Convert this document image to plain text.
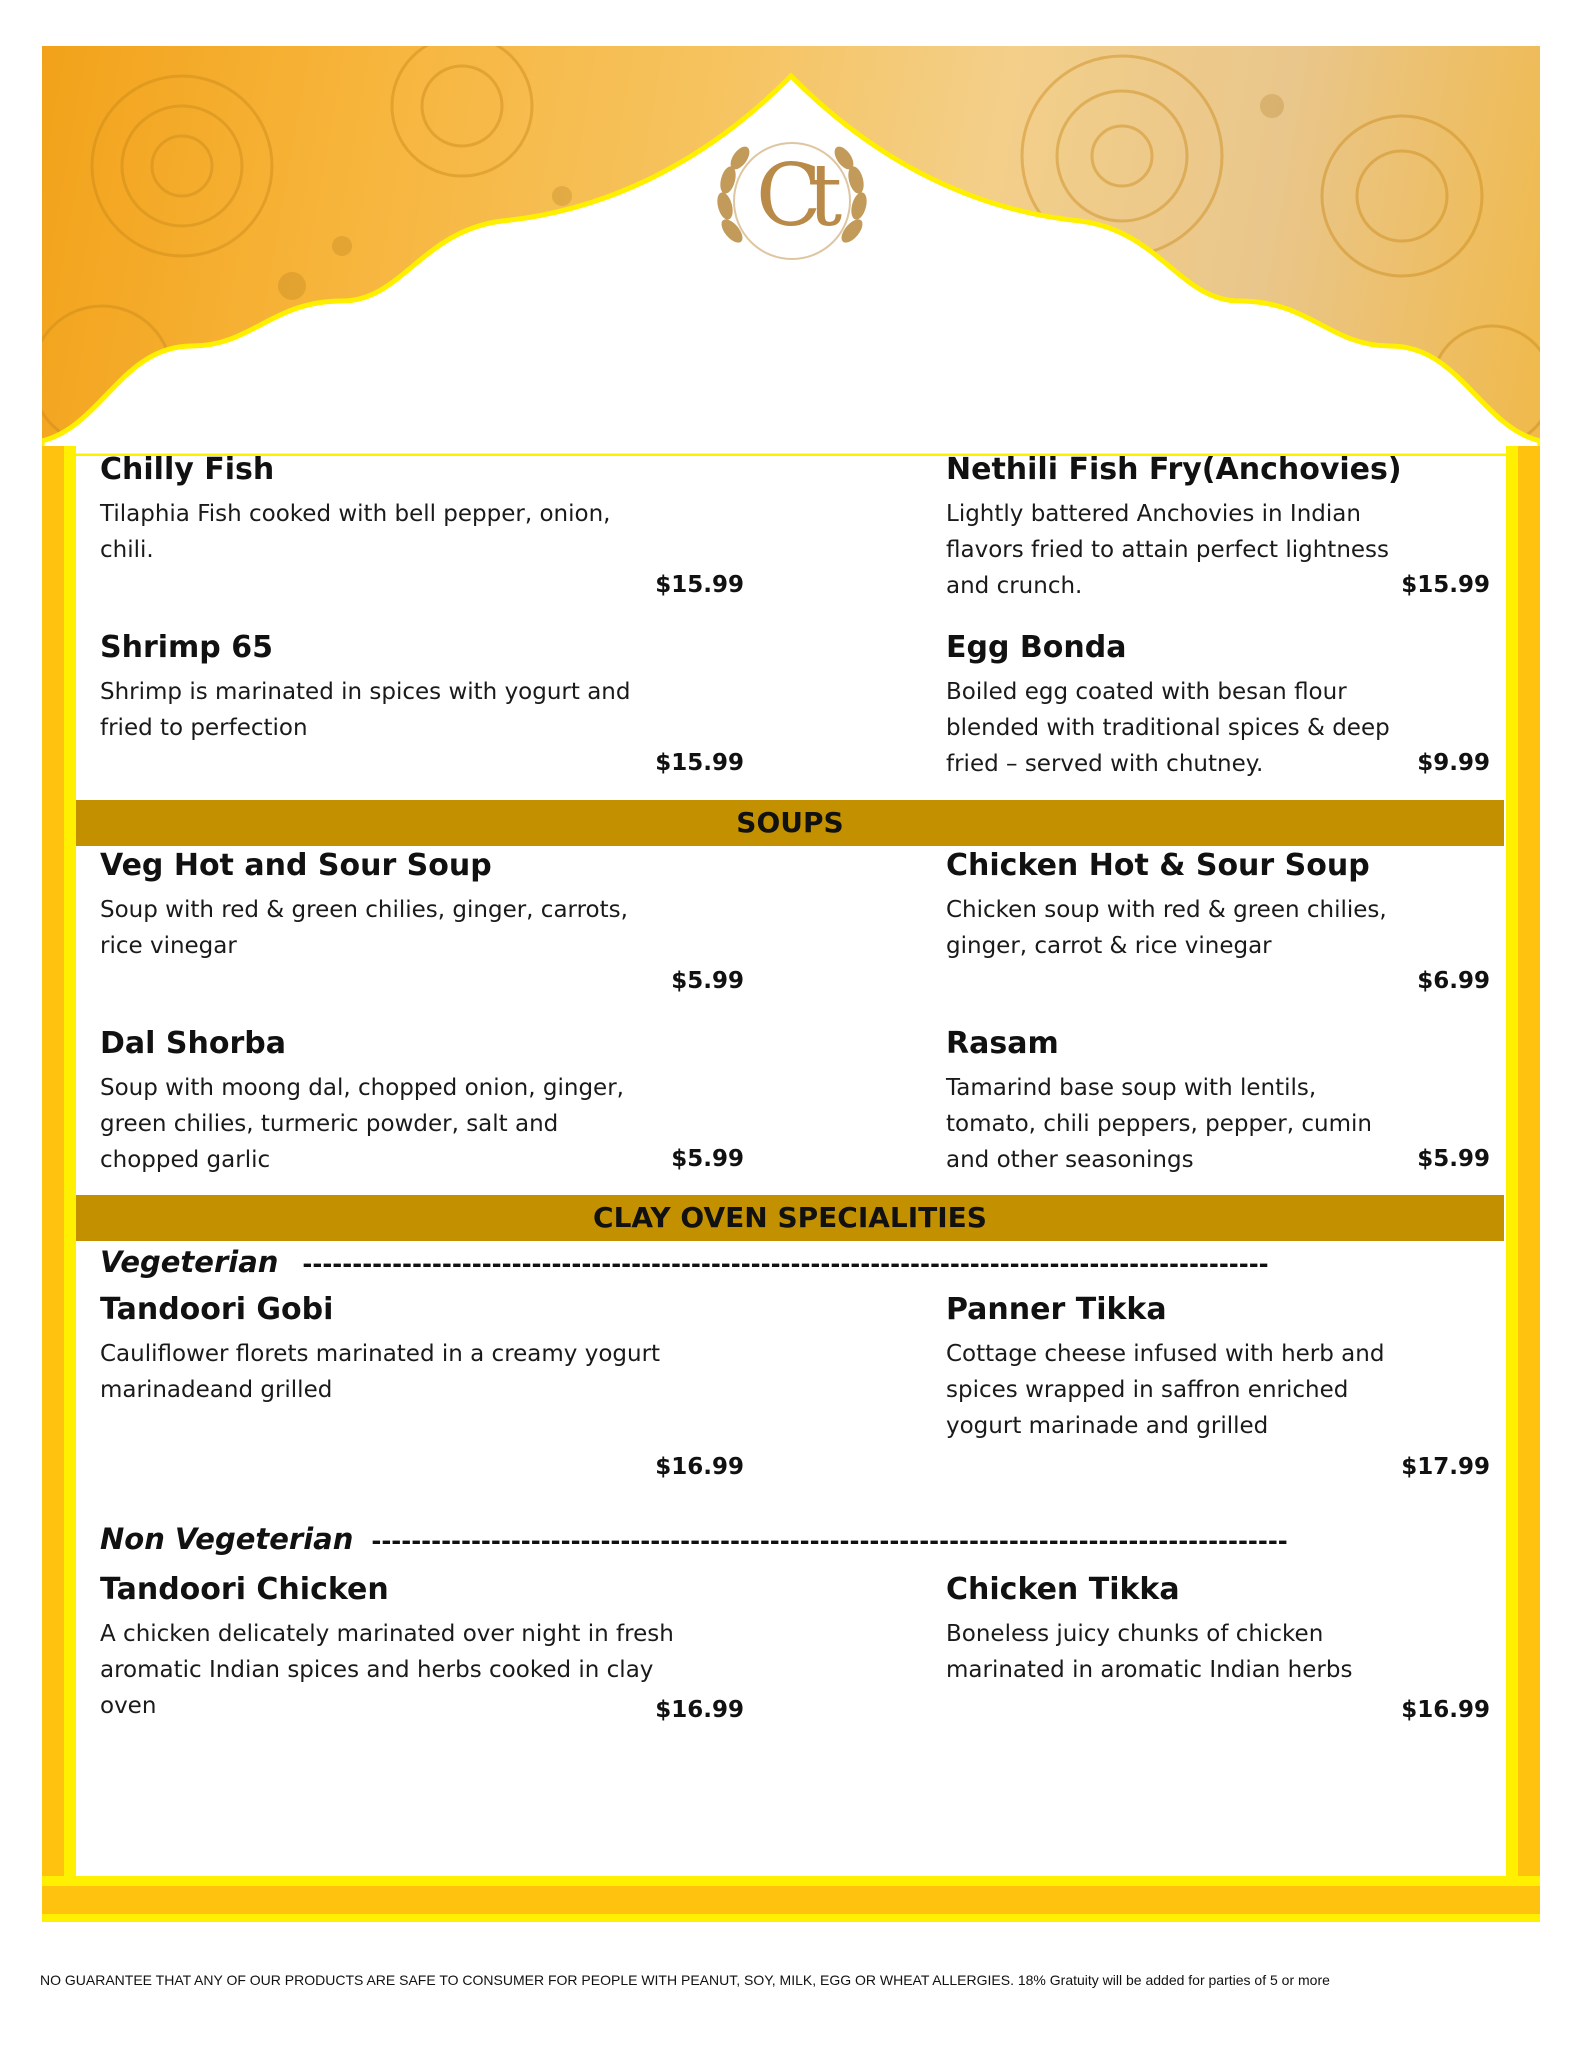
Ct

Chilly Fish

Tilaphia Fish cooked with bell pepper, onion, chili.

$15.99

Nethili Fish Fry(Anchovies)

Lightly battered Anchovies in Indian flavors fried to attain perfect lightness and crunch.	$15.99

Shrimp 65

Shrimp is marinated in spices with yogurt and fried to perfection

$15.99

Egg Bonda

Boiled egg coated with besan flour blended with traditional spices & deep fried – served with chutney.	$9.99

SOUPS

Veg Hot and Sour Soup

Soup with red & green chilies, ginger, carrots, rice vinegar

$5.99

Chicken Hot & Sour Soup

Chicken soup with red & green chilies, ginger, carrot & rice vinegar

$6.99

Dal Shorba

Soup with moong dal, chopped onion, ginger, green chilies, turmeric powder, salt and chopped garlic	$5.99

Rasam

Tamarind base soup with lentils, tomato, chili peppers, pepper, cumin and other seasonings	$5.99

CLAY OVEN SPECIALITIES

Vegeterian -------------------------------------------------------------------------------------------------

Tandoori Gobi

Cauliflower florets marinated in a creamy yogurt marinadeand grilled

$16.99

Panner Tikka

Cottage cheese infused with herb and spices wrapped in saffron enriched yogurt marinade and grilled

$17.99

Non Vegeterian --------------------------------------------------------------------------------------------

Tandoori Chicken

A chicken delicately marinated over night in fresh aromatic Indian spices and herbs cooked in clay oven	$16.99

Chicken Tikka

Boneless juicy chunks of chicken marinated in aromatic Indian herbs

$16.99

NO GUARANTEE THAT ANY OF OUR PRODUCTS ARE SAFE TO CONSUMER FOR PEOPLE WITH PEANUT, SOY, MILK, EGG OR WHEAT ALLERGIES. 18% Gratuity will be added for parties of 5 or more
